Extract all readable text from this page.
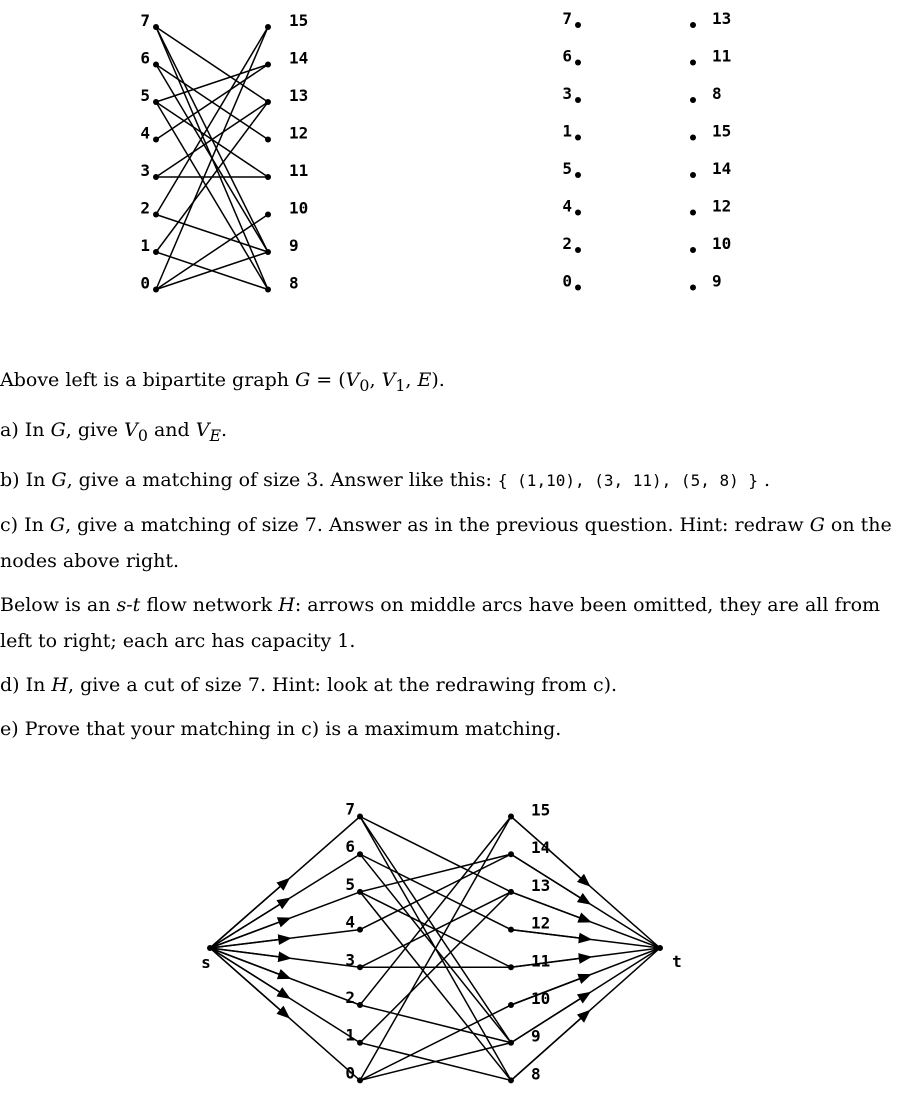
7
6
5
4
3
2
1
0
15
14
13
12
11
10
9
8
7
6
3
1
5
4
2
0
13
11
8
15
14
12
10
9

Above left is a bipartite graph $G = (V_0$, $V_1$, E).

a) In G, give $V_0$ and $V_E$.

b) In G, give a matching of size 3. Answer like this: { (1,10), (3, 11), (5, 8) } .

c) In G, give a matching of size 7. Answer as in the previous question. Hint: redraw G on the nodes above right.

Below is an s-t flow network H: arrows on middle arcs have been omitted, they are all from left to right; each arc has capacity 1.

d) In H, give a cut of size 7. Hint: look at the redrawing from c).

e) Prove that your matching in c) is a maximum matching.

s	t
7
6
5
4
3
2
1
0
15
14
13
12
11
10
9
8
